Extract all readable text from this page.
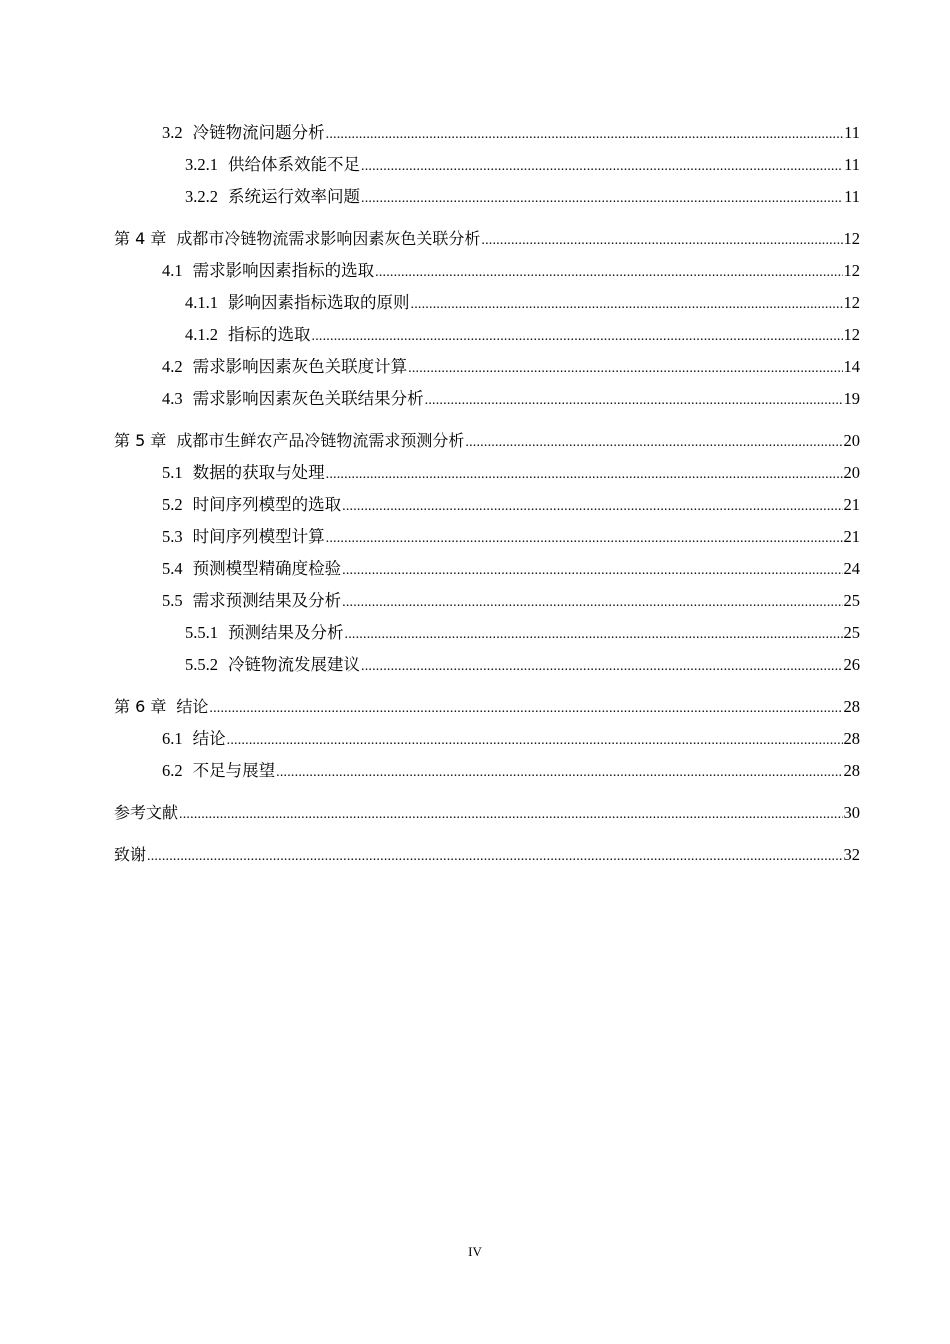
3.2 冷链物流问题分析 .....	11
3.2.1 供给体系效能不足 .....	11
3.2.2 系统运行效率问题 .....	11
第 4 章 成都市冷链物流需求影响因素灰色关联分析 .....	12
4.1 需求影响因素指标的选取 .....	12
4.1.1 影响因素指标选取的原则 .....	12
4.1.2 指标的选取 .....	12
4.2 需求影响因素灰色关联度计算 .....	14
4.3 需求影响因素灰色关联结果分析 .....	19
第 5 章 成都市生鲜农产品冷链物流需求预测分析 .....	20
5.1 数据的获取与处理 .....	20
5.2 时间序列模型的选取 .....	21
5.3 时间序列模型计算 .....	21
5.4 预测模型精确度检验 .....	24
5.5 需求预测结果及分析 .....	25
5.5.1 预测结果及分析 .....	25
5.5.2 冷链物流发展建议 .....	26
第 6 章 结论 .....	28
6.1 结论 .....	28
6.2 不足与展望 .....	28
参考文献 .....	30
致谢 .....	32
IV
